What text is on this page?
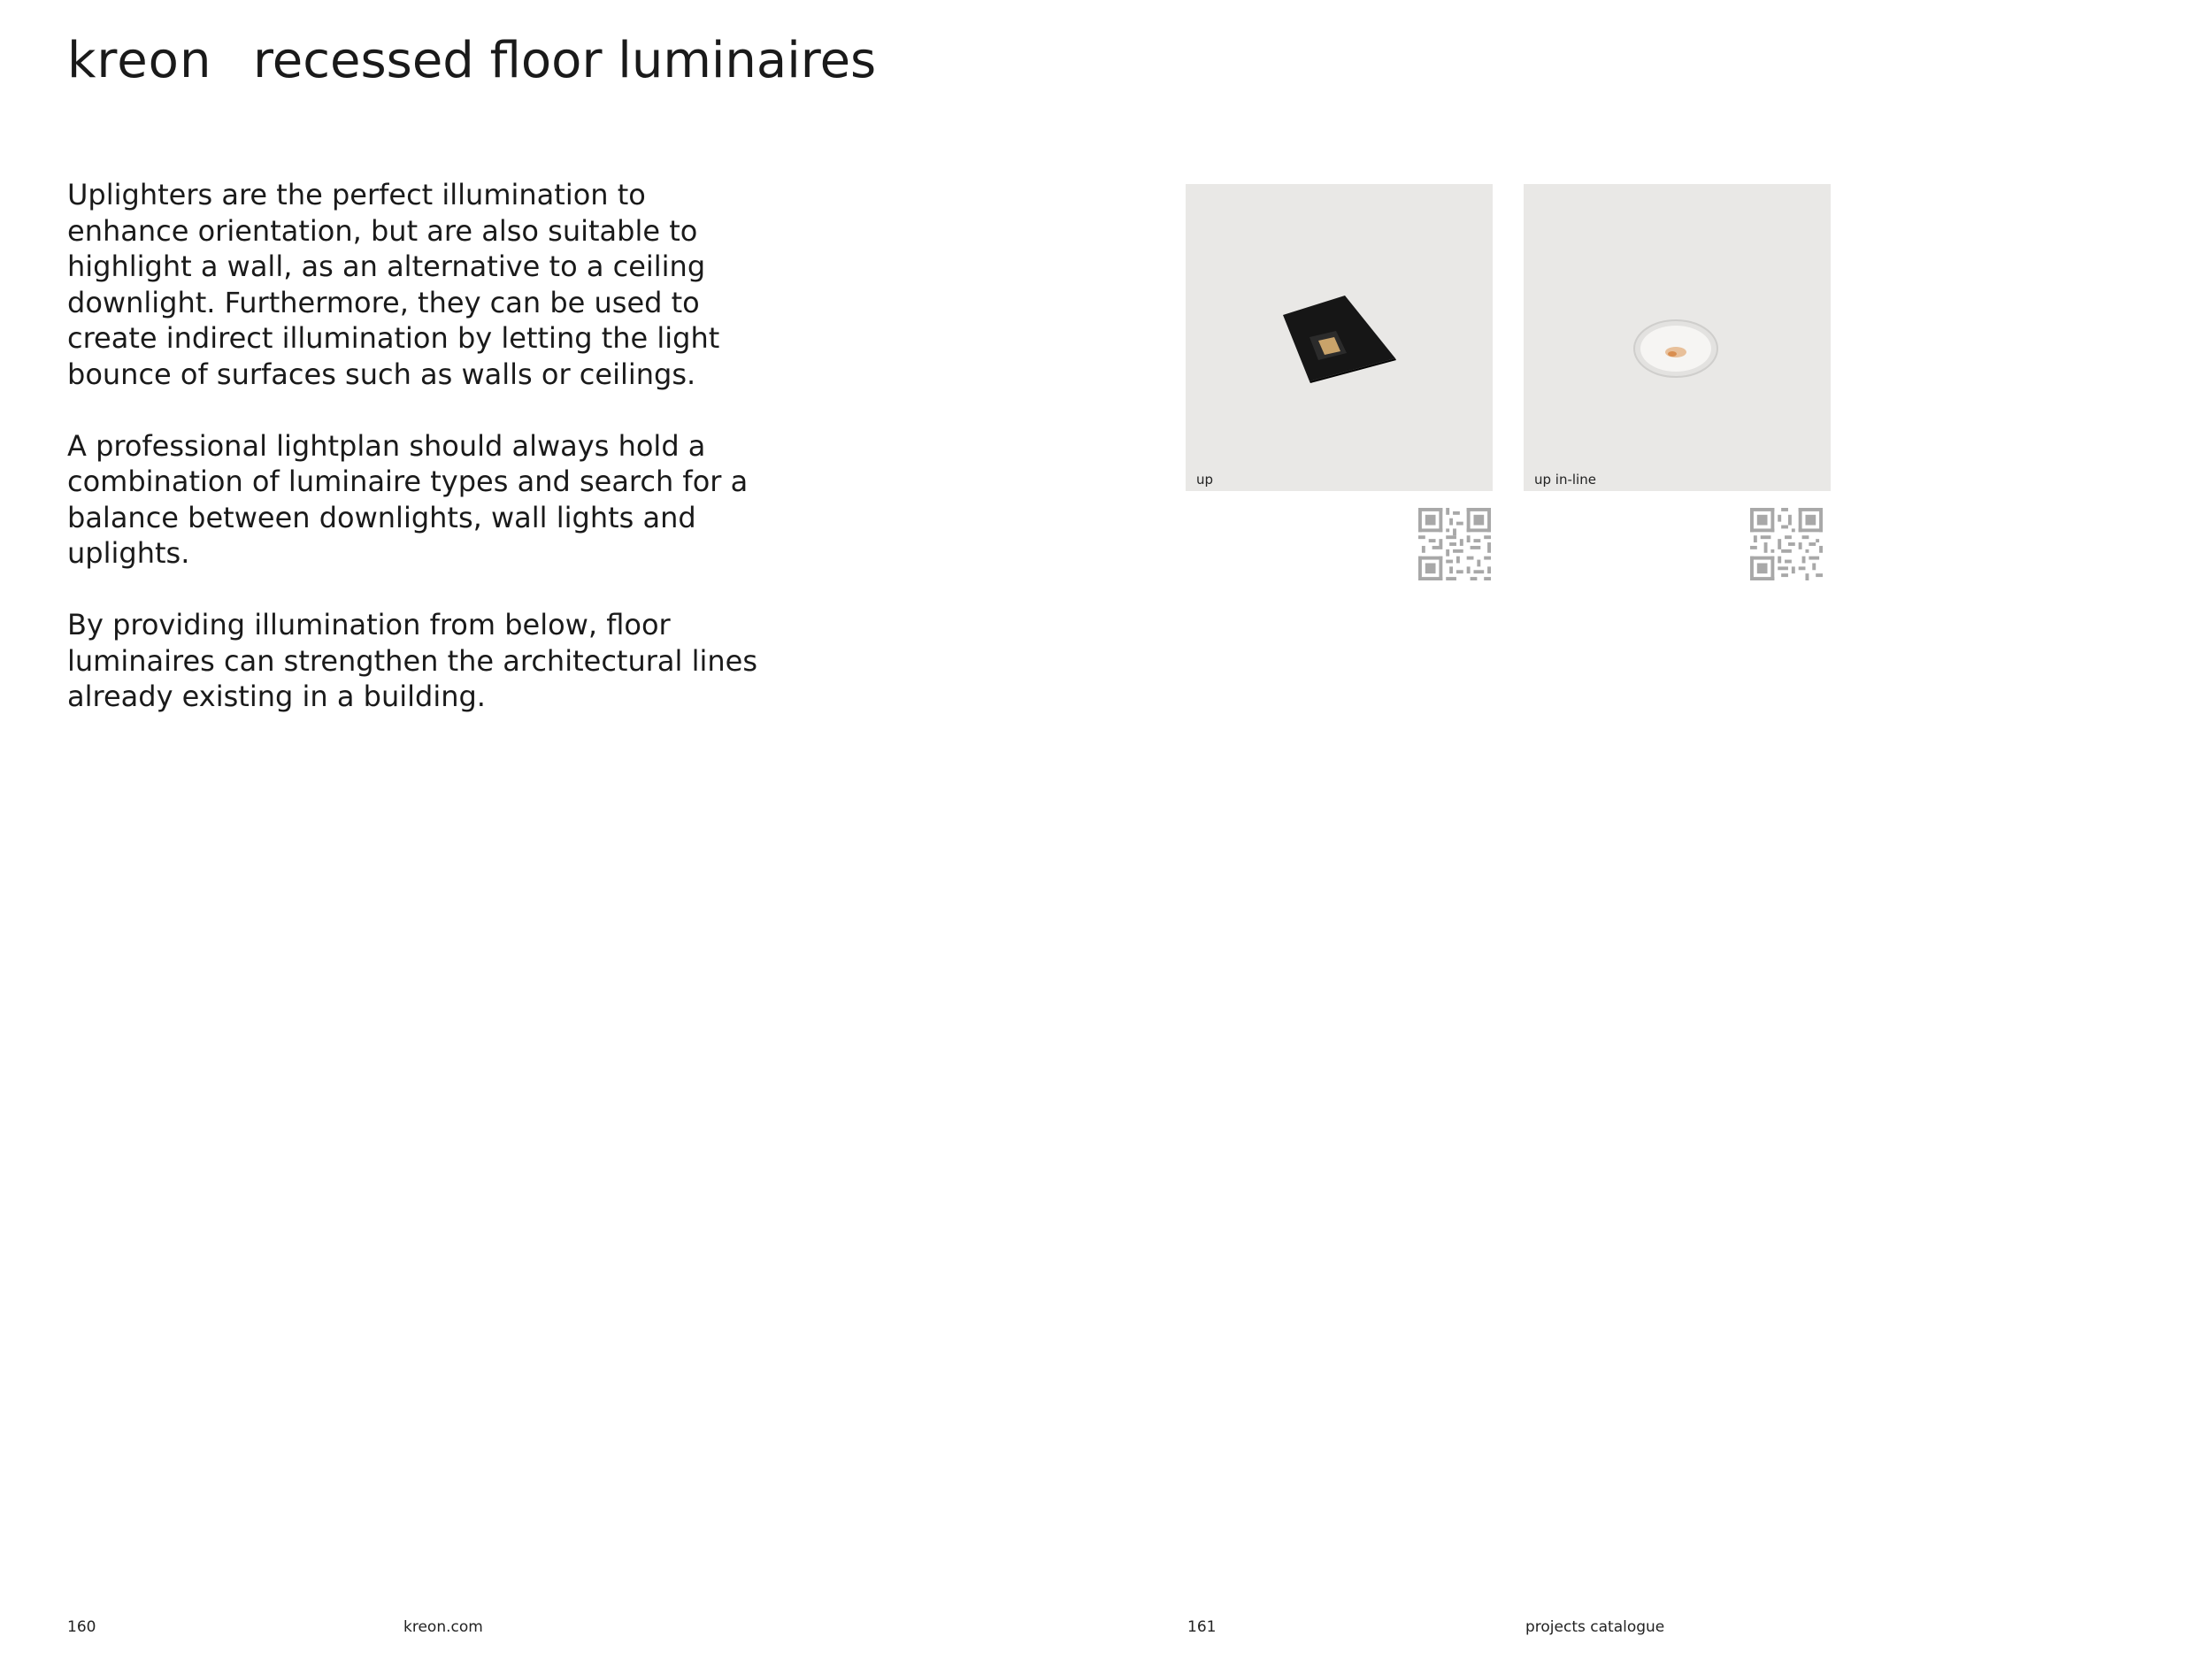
kreon recessed floor luminaires

Uplighters are the perfect illumination to enhance orientation, but are also suitable to highlight a wall, as an alternative to a ceiling downlight. Furthermore, they can be used to create indirect illumination by letting the light bounce of surfaces such as walls or ceilings.

A professional lightplan should always hold a combination of luminaire types and search for a balance between downlights, wall lights and uplights.

By providing illumination from below, floor luminaires can strengthen the architectural lines already existing in a building.

up	up in-line
160	kreon.com	161	projects catalogue
